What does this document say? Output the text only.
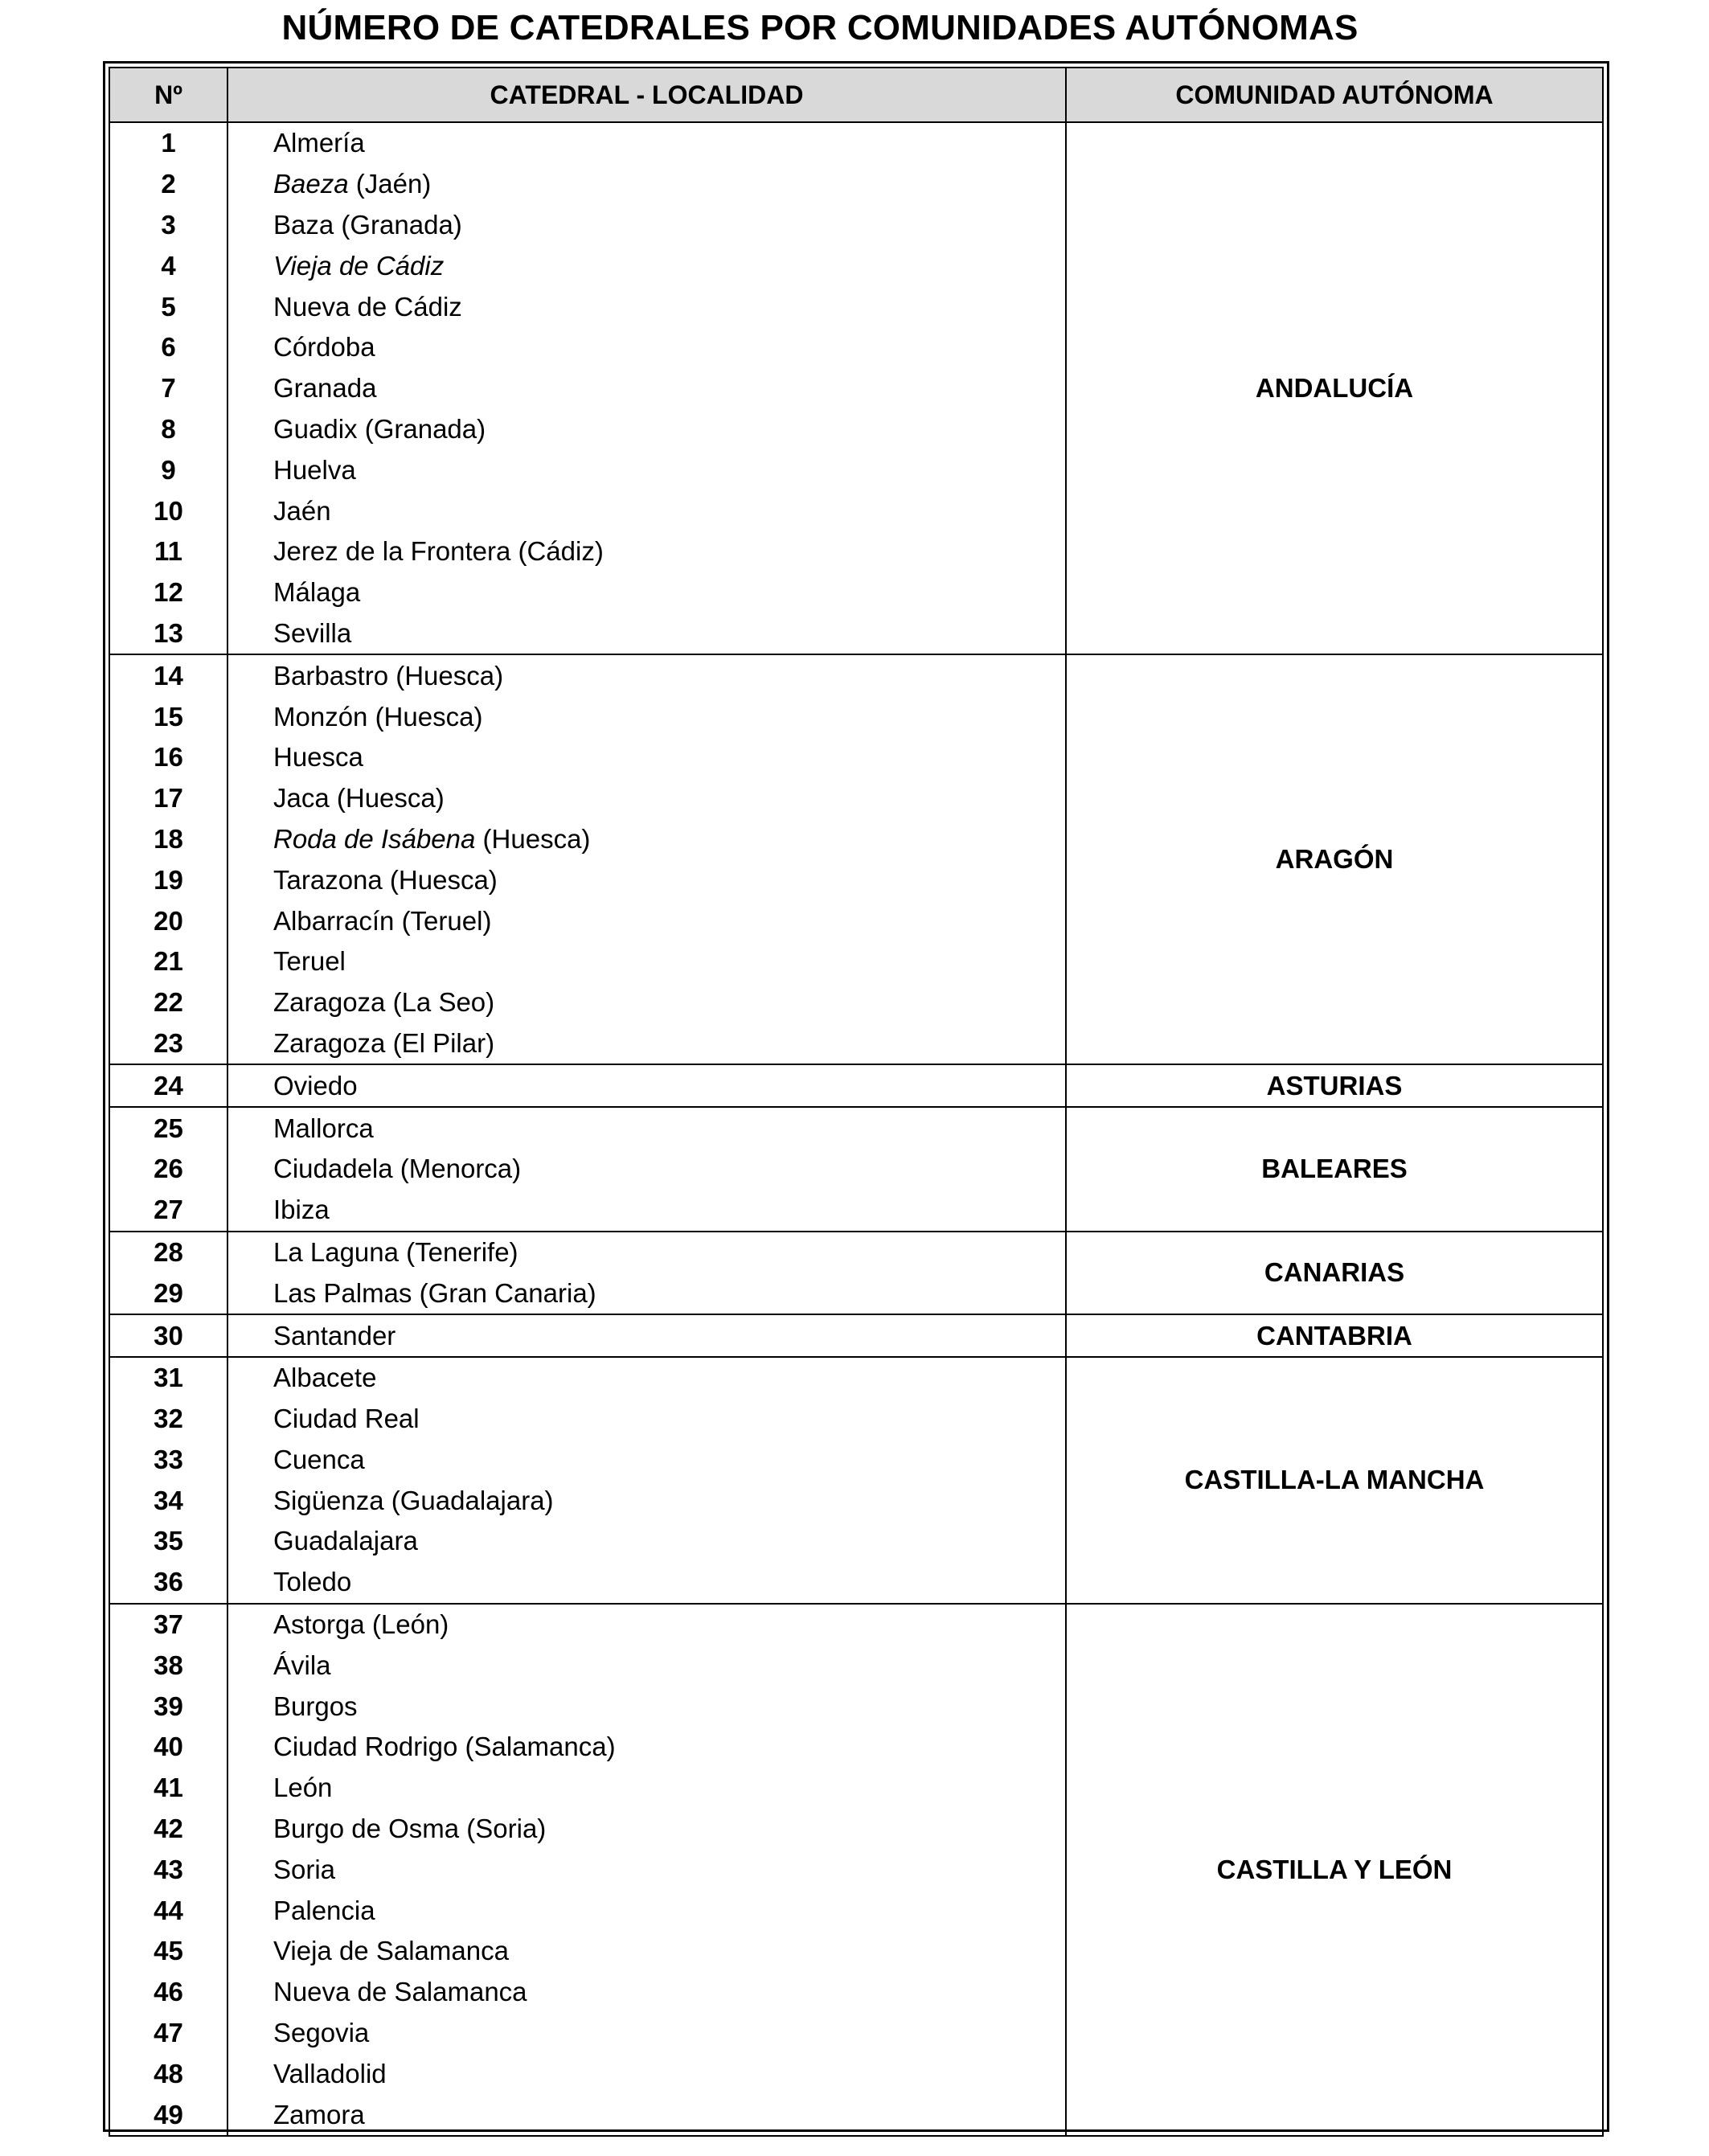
NÚMERO DE CATEDRALES POR COMUNIDADES AUTÓNOMAS
Nº	CATEDRAL - LOCALIDAD	COMUNIDAD AUTÓNOMA
1	Almería	ANDALUCÍA
2	Baeza (Jaén)	
3	Baza (Granada)	
4	Vieja de Cádiz	
5	Nueva de Cádiz	
6	Córdoba	
7	Granada	
8	Guadix (Granada)	
9	Huelva	
10	Jaén	
11	Jerez de la Frontera (Cádiz)	
12	Málaga	
13	Sevilla	
14	Barbastro (Huesca)	ARAGÓN
15	Monzón (Huesca)	
16	Huesca	
17	Jaca (Huesca)	
18	Roda de Isábena (Huesca)	
19	Tarazona (Huesca)	
20	Albarracín (Teruel)	
21	Teruel	
22	Zaragoza (La Seo)	
23	Zaragoza (El Pilar)	
24	Oviedo	ASTURIAS
25	Mallorca	BALEARES
26	Ciudadela (Menorca)	
27	Ibiza	
28	La Laguna (Tenerife)	CANARIAS
29	Las Palmas (Gran Canaria)	
30	Santander	CANTABRIA
31	Albacete	CASTILLA-LA MANCHA
32	Ciudad Real	
33	Cuenca	
34	Sigüenza (Guadalajara)	
35	Guadalajara	
36	Toledo	
37	Astorga (León)	CASTILLA Y LEÓN
38	Ávila	
39	Burgos	
40	Ciudad Rodrigo (Salamanca)	
41	León	
42	Burgo de Osma (Soria)	
43	Soria	
44	Palencia	
45	Vieja de Salamanca	
46	Nueva de Salamanca	
47	Segovia	
48	Valladolid	
49	Zamora	
